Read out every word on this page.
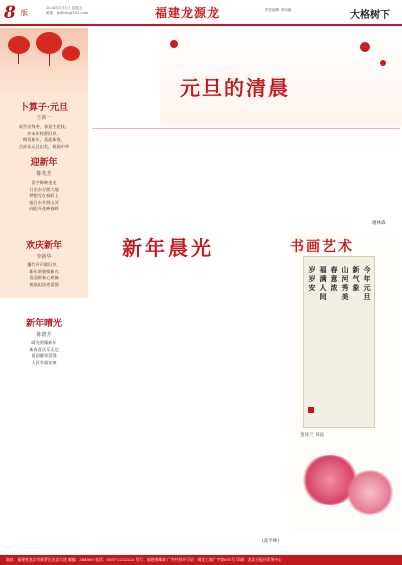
8 版
2024年1月1日 星期五
邮箱：fjzlhsh@163.com	福建龙源龙	责任编辑 李伟毅	大格树下
卜算子·元旦
王新一
雨雪送残冬，春意生花枝。
岁末年终辞旧岁，
梅发新年，喜迎新春，
吉祥从元旦出发，祝福中华
迎新年
陈兆芳
喜字辉映金龙
日出东方照大地
梦想写在春联上
旭日东升照山河
向阳开花映春晖
欢庆新年
李新华
爆竹声声除旧岁，
新年新貌换新衣
喜迎新春心欢畅
祝福祖国更富强
新年晴光
陈德芳
晴光照耀新年
新春喜庆乐无边
祖国繁荣富强
人民幸福安康
元旦的清晨
谢林森
新年晨光
(高平林)
书画艺术
今年元旦
新气象
山河秀美
春意浓
福满人间
岁岁安
金泽兰 书法
地址：福建省龙岩市新罗区龙岩大道 邮编：364000 电话：0597-2222222 发行：福建省邮政 广告经营许可证：闽龙工商广字第001号 印刷：龙岩日报社印务中心
